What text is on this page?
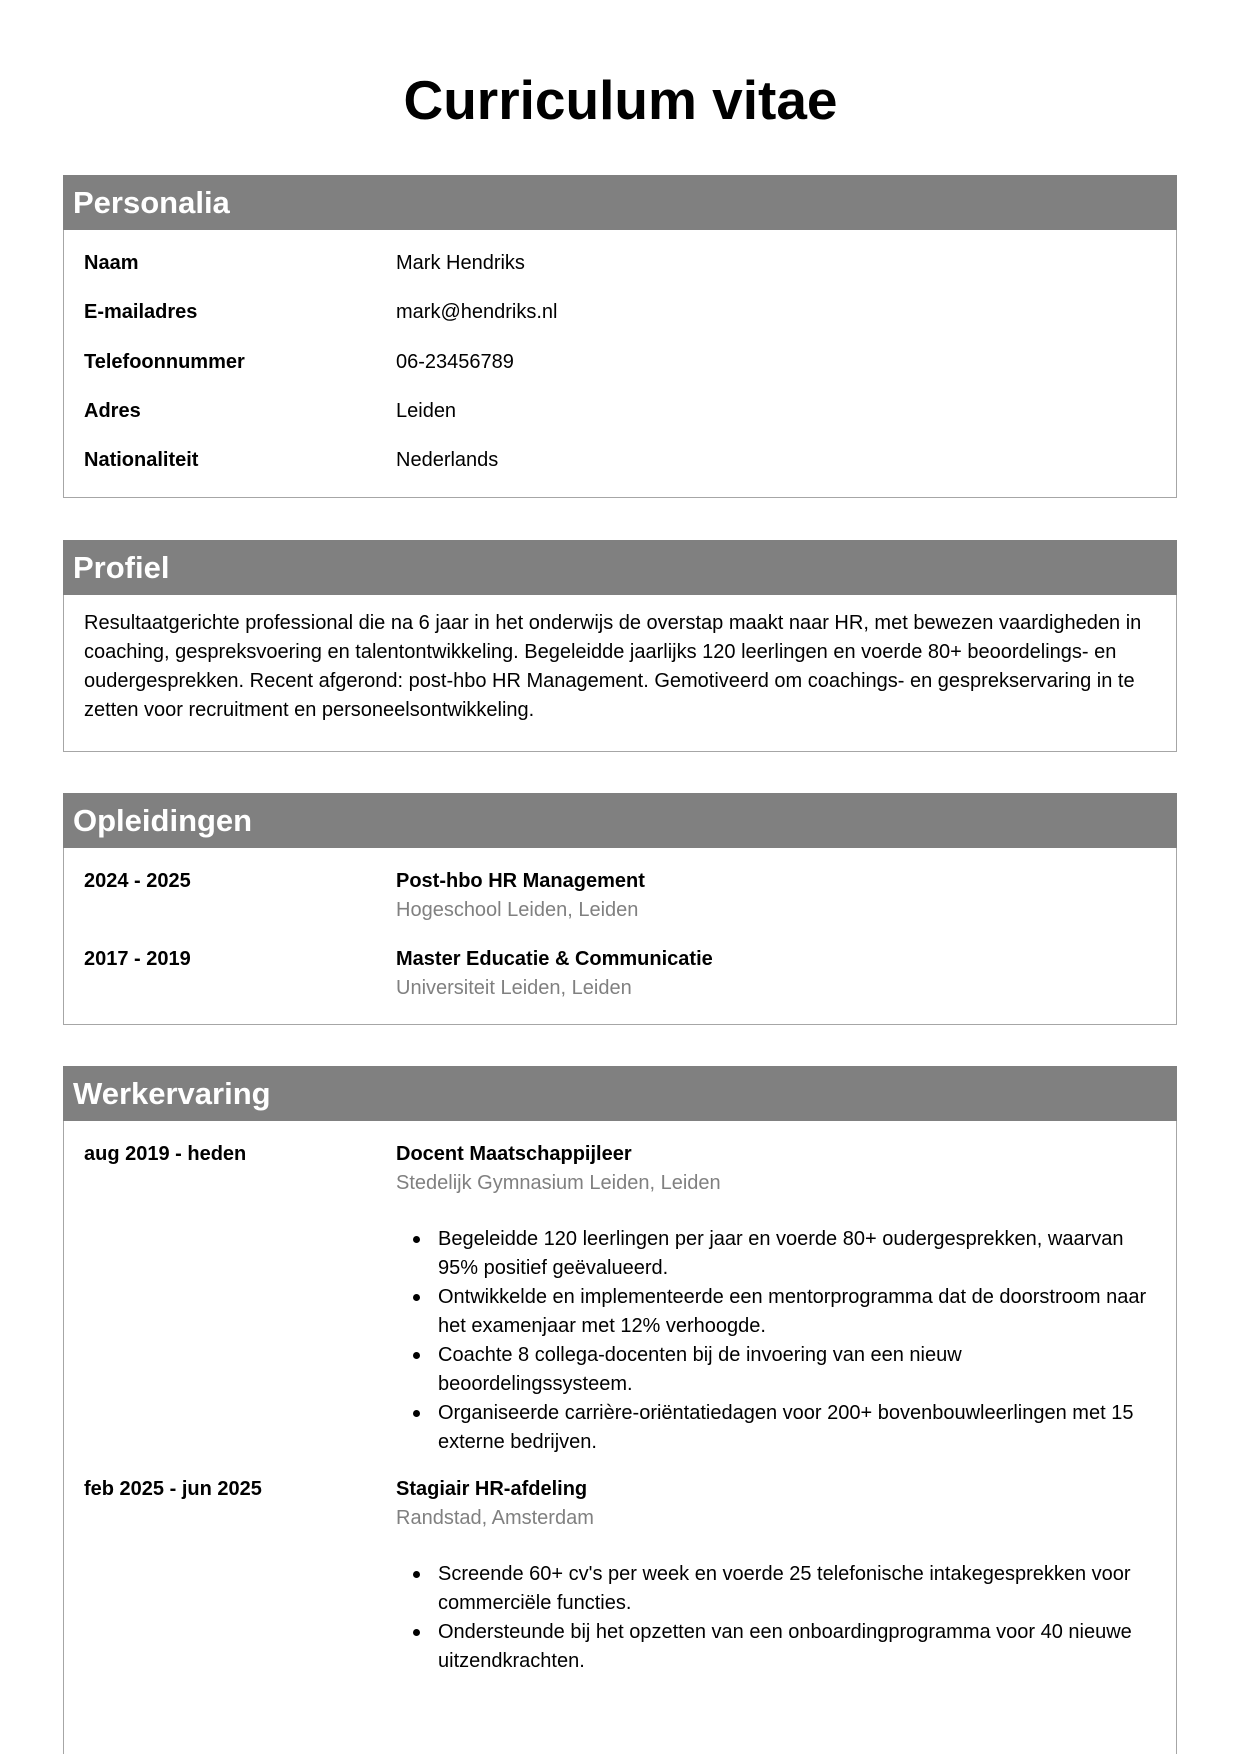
Curriculum vitae
Personalia
Naam	Mark Hendriks
E-mailadres	mark@hendriks.nl
Telefoonnummer	06-23456789
Adres	Leiden
Nationaliteit	Nederlands
Profiel

Resultaatgerichte professional die na 6 jaar in het onderwijs de overstap maakt naar HR, met bewezen vaardigheden in coaching, gespreksvoering en talentontwikkeling. Begeleidde jaarlijks 120 leerlingen en voerde 80+ beoordelings- en oudergesprekken. Recent afgerond: post-hbo HR Management. Gemotiveerd om coachings- en gesprekservaring in te zetten voor recruitment en personeelsontwikkeling.

Opleidingen
2024 - 2025	Post-hbo HR Management
Hogeschool Leiden, Leiden
2017 - 2019	Master Educatie & Communicatie
Universiteit Leiden, Leiden
Werkervaring
aug 2019 - heden	Docent Maatschappijleer
Stedelijk Gymnasium Leiden, Leiden
Begeleidde 120 leerlingen per jaar en voerde 80+ oudergesprekken, waarvan 95% positief geëvalueerd.
Ontwikkelde en implementeerde een mentorprogramma dat de doorstroom naar het examenjaar met 12% verhoogde.
Coachte 8 collega-docenten bij de invoering van een nieuw beoordelingssysteem.
Organiseerde carrière-oriëntatiedagen voor 200+ bovenbouwleerlingen met 15 externe bedrijven.
feb 2025 - jun 2025	Stagiair HR-afdeling
Randstad, Amsterdam
Screende 60+ cv's per week en voerde 25 telefonische intakegesprekken voor commerciële functies.
Ondersteunde bij het opzetten van een onboardingprogramma voor 40 nieuwe uitzendkrachten.
